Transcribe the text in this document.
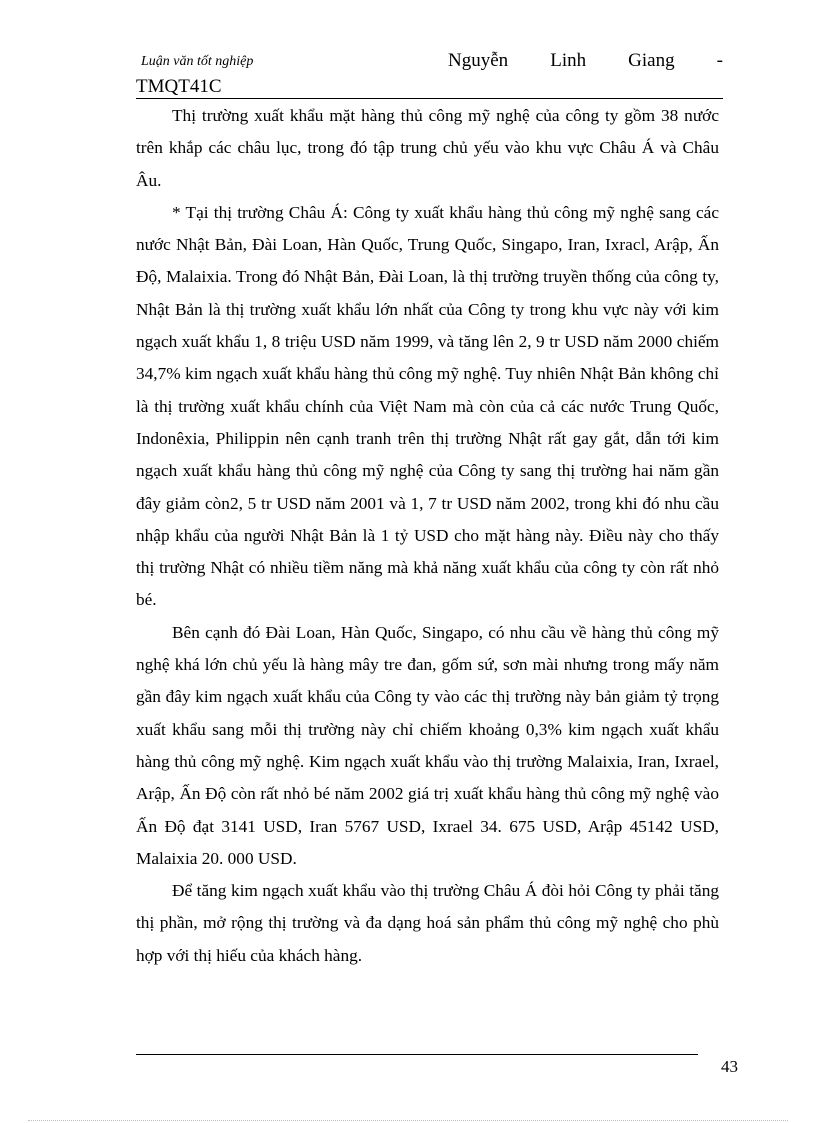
Luận văn tốt nghiệp	Nguyễn Linh Giang -
TMQT41C

Thị trường xuất khẩu mặt hàng thủ công mỹ nghệ của công ty gồm 38 nước trên khắp các châu lục, trong đó tập trung chủ yếu vào khu vực Châu Á và Châu Âu.

* Tại thị trường Châu Á: Công ty xuất khẩu hàng thủ công mỹ nghệ sang các nước Nhật Bản, Đài Loan, Hàn Quốc, Trung Quốc, Singapo, Iran, Ixracl, Arập, Ấn Độ, Malaixia. Trong đó Nhật Bản, Đài Loan, là thị trường truyền thống của công ty, Nhật Bản là thị trường xuất khẩu lớn nhất của Công ty trong khu vực này với kim ngạch xuất khẩu 1, 8 triệu USD năm 1999, và tăng lên 2, 9 tr USD năm 2000 chiếm 34,7% kim ngạch xuất khẩu hàng thủ công mỹ nghệ. Tuy nhiên Nhật Bản không chỉ là thị trường xuất khẩu chính của Việt Nam mà còn của cả các nước Trung Quốc, Indonêxia, Philippin nên cạnh tranh trên thị trường Nhật rất gay gắt, dẫn tới kim ngạch xuất khẩu hàng thủ công mỹ nghệ của Công ty sang thị trường hai năm gần đây giảm còn2, 5 tr USD năm 2001 và 1, 7 tr USD năm 2002, trong khi đó nhu cầu nhập khẩu của người Nhật Bản là 1 tỷ USD cho mặt hàng này. Điều này cho thấy thị trường Nhật có nhiều tiềm năng mà khả năng xuất khẩu của công ty còn rất nhỏ bé.

Bên cạnh đó Đài Loan, Hàn Quốc, Singapo, có nhu cầu về hàng thủ công mỹ nghệ khá lớn chủ yếu là hàng mây tre đan, gốm sứ, sơn mài nhưng trong mấy năm gần đây kim ngạch xuất khẩu của Công ty vào các thị trường này bản giảm tỷ trọng xuất khẩu sang mỗi thị trường này chỉ chiếm khoảng 0,3% kim ngạch xuất khẩu hàng thủ công mỹ nghệ. Kim ngạch xuất khẩu vào thị trường Malaixia, Iran, Ixrael, Arập, Ấn Độ còn rất nhỏ bé năm 2002 giá trị xuất khẩu hàng thủ công mỹ nghệ vào Ấn Độ đạt 3141 USD, Iran 5767 USD, Ixrael 34. 675 USD, Arập 45142 USD, Malaixia 20. 000 USD.

Để tăng kim ngạch xuất khẩu vào thị trường Châu Á đòi hỏi Công ty phải tăng thị phần, mở rộng thị trường và đa dạng hoá sản phẩm thủ công mỹ nghệ cho phù hợp với thị hiếu của khách hàng.

43
